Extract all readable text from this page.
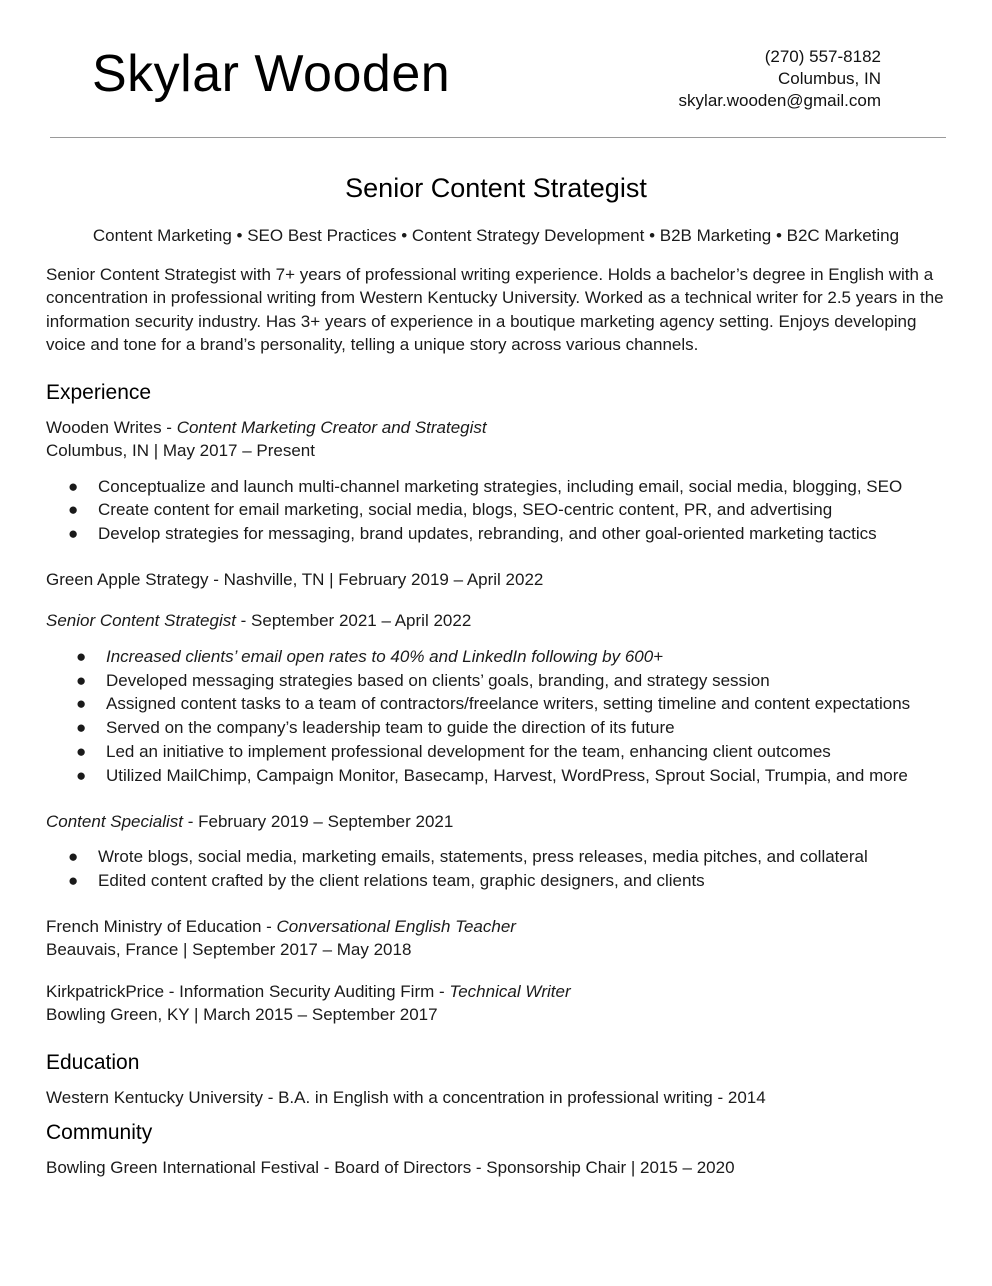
Skylar Wooden	(270) 557-8182
Columbus, IN
skylar.wooden@gmail.com
Senior Content Strategist
Content Marketing • SEO Best Practices • Content Strategy Development • B2B Marketing • B2C Marketing

Senior Content Strategist with 7+ years of professional writing experience. Holds a bachelor’s degree in English with a concentration in professional writing from Western Kentucky University. Worked as a technical writer for 2.5 years in the information security industry. Has 3+ years of experience in a boutique marketing agency setting. Enjoys developing voice and tone for a brand’s personality, telling a unique story across various channels.

Experience

Wooden Writes - Content Marketing Creator and Strategist

Columbus, IN | May 2017 – Present

● Conceptualize and launch multi-channel marketing strategies, including email, social media, blogging, SEO
● Create content for email marketing, social media, blogs, SEO-centric content, PR, and advertising
● Develop strategies for messaging, brand updates, rebranding, and other goal-oriented marketing tactics

Green Apple Strategy - Nashville, TN | February 2019 – April 2022

Senior Content Strategist - September 2021 – April 2022

● Increased clients’ email open rates to 40% and LinkedIn following by 600+
● Developed messaging strategies based on clients’ goals, branding, and strategy session
● Assigned content tasks to a team of contractors/freelance writers, setting timeline and content expectations
● Served on the company’s leadership team to guide the direction of its future
● Led an initiative to implement professional development for the team, enhancing client outcomes
● Utilized MailChimp, Campaign Monitor, Basecamp, Harvest, WordPress, Sprout Social, Trumpia, and more

Content Specialist - February 2019 – September 2021

● Wrote blogs, social media, marketing emails, statements, press releases, media pitches, and collateral
● Edited content crafted by the client relations team, graphic designers, and clients

French Ministry of Education - Conversational English Teacher

Beauvais, France | September 2017 – May 2018

KirkpatrickPrice - Information Security Auditing Firm - Technical Writer

Bowling Green, KY | March 2015 – September 2017

Education

Western Kentucky University - B.A. in English with a concentration in professional writing - 2014

Community

Bowling Green International Festival - Board of Directors - Sponsorship Chair | 2015 – 2020
